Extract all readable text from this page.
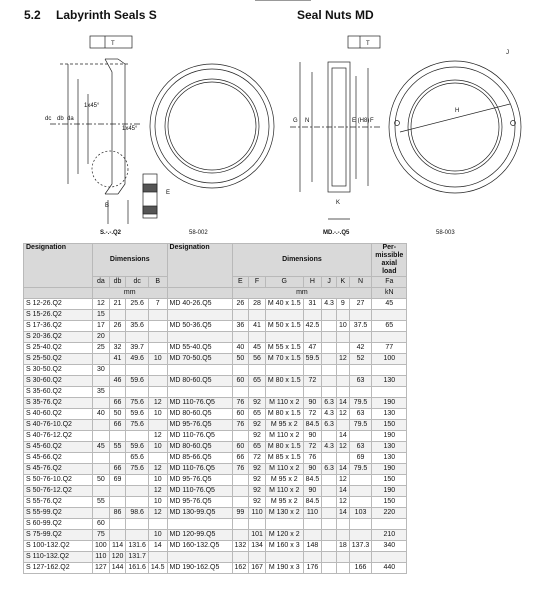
5.2 Labyrinth Seals S	Seal Nuts MD
T	T
dc db da
1x45°
1x45°
B
E
G N	E (H8) F
K
J
H
S.-.-.Q2	58-002	MD.-.-.Q5	58-003
Designation	Dimensions				Designation	Dimensions							Per-missible axial load
	da	db	dc	B		E	F	G	H	J	K	N	Fa
	mm					mm							kN
S 12-26.Q2	12	21	25.6	7	MD 40-26.Q5	26	28	M 40 x 1.5	31	4.3	9	27	45
S 15-26.Q2	15												
S 17-36.Q2	17	26	35.6		MD 50-36.Q5	36	41	M 50 x 1.5	42.5		10	37.5	65
S 20-36.Q2	20												
S 25-40.Q2	25	32	39.7		MD 55-40.Q5	40	45	M 55 x 1.5	47			42	77
S 25-50.Q2		41	49.6	10	MD 70-50.Q5	50	56	M 70 x 1.5	59.5		12	52	100
S 30-50.Q2	30												
S 30-60.Q2		46	59.6		MD 80-60.Q5	60	65	M 80 x 1.5	72			63	130
S 35-60.Q2	35												
S 35-76.Q2		66	75.6	12	MD 110-76.Q5	76	92	M 110 x 2	90	6.3	14	79.5	190
S 40-60.Q2	40	50	59.6	10	MD 80-60.Q5	60	65	M 80 x 1.5	72	4.3	12	63	130
S 40-76-10.Q2		66	75.6		MD 95-76.Q5	76	92	M 95 x 2	84.5	6.3		79.5	150
S 40-76-12.Q2				12	MD 110-76.Q5		92	M 110 x 2	90		14		190
S 45-60.Q2	45	55	59.6	10	MD 80-60.Q5	60	65	M 80 x 1.5	72	4.3	12	63	130
S 45-66.Q2			65.6		MD 85-66.Q5	66	72	M 85 x 1.5	76			69	130
S 45-76.Q2		66	75.6	12	MD 110-76.Q5	76	92	M 110 x 2	90	6.3	14	79.5	190
S 50-76-10.Q2	50	69		10	MD 95-76.Q5		92	M 95 x 2	84.5		12		150
S 50-76-12.Q2				12	MD 110-76.Q5		92	M 110 x 2	90		14		190
S 55-76.Q2	55			10	MD 95-76.Q5		92	M 95 x 2	84.5		12		150
S 55-99.Q2		86	98.6	12	MD 130-99.Q5	99	110	M 130 x 2	110		14	103	220
S 60-99.Q2	60												
S 75-99.Q2	75			10	MD 120-99.Q5		101	M 120 x 2					210
S 100-132.Q2	100	114	131.6	14	MD 160-132.Q5	132	134	M 160 x 3	148		18	137.3	340
S 110-132.Q2	110	120	131.7										
S 127-162.Q2	127	144	161.6	14.5	MD 190-162.Q5	162	167	M 190 x 3	176			166	440
